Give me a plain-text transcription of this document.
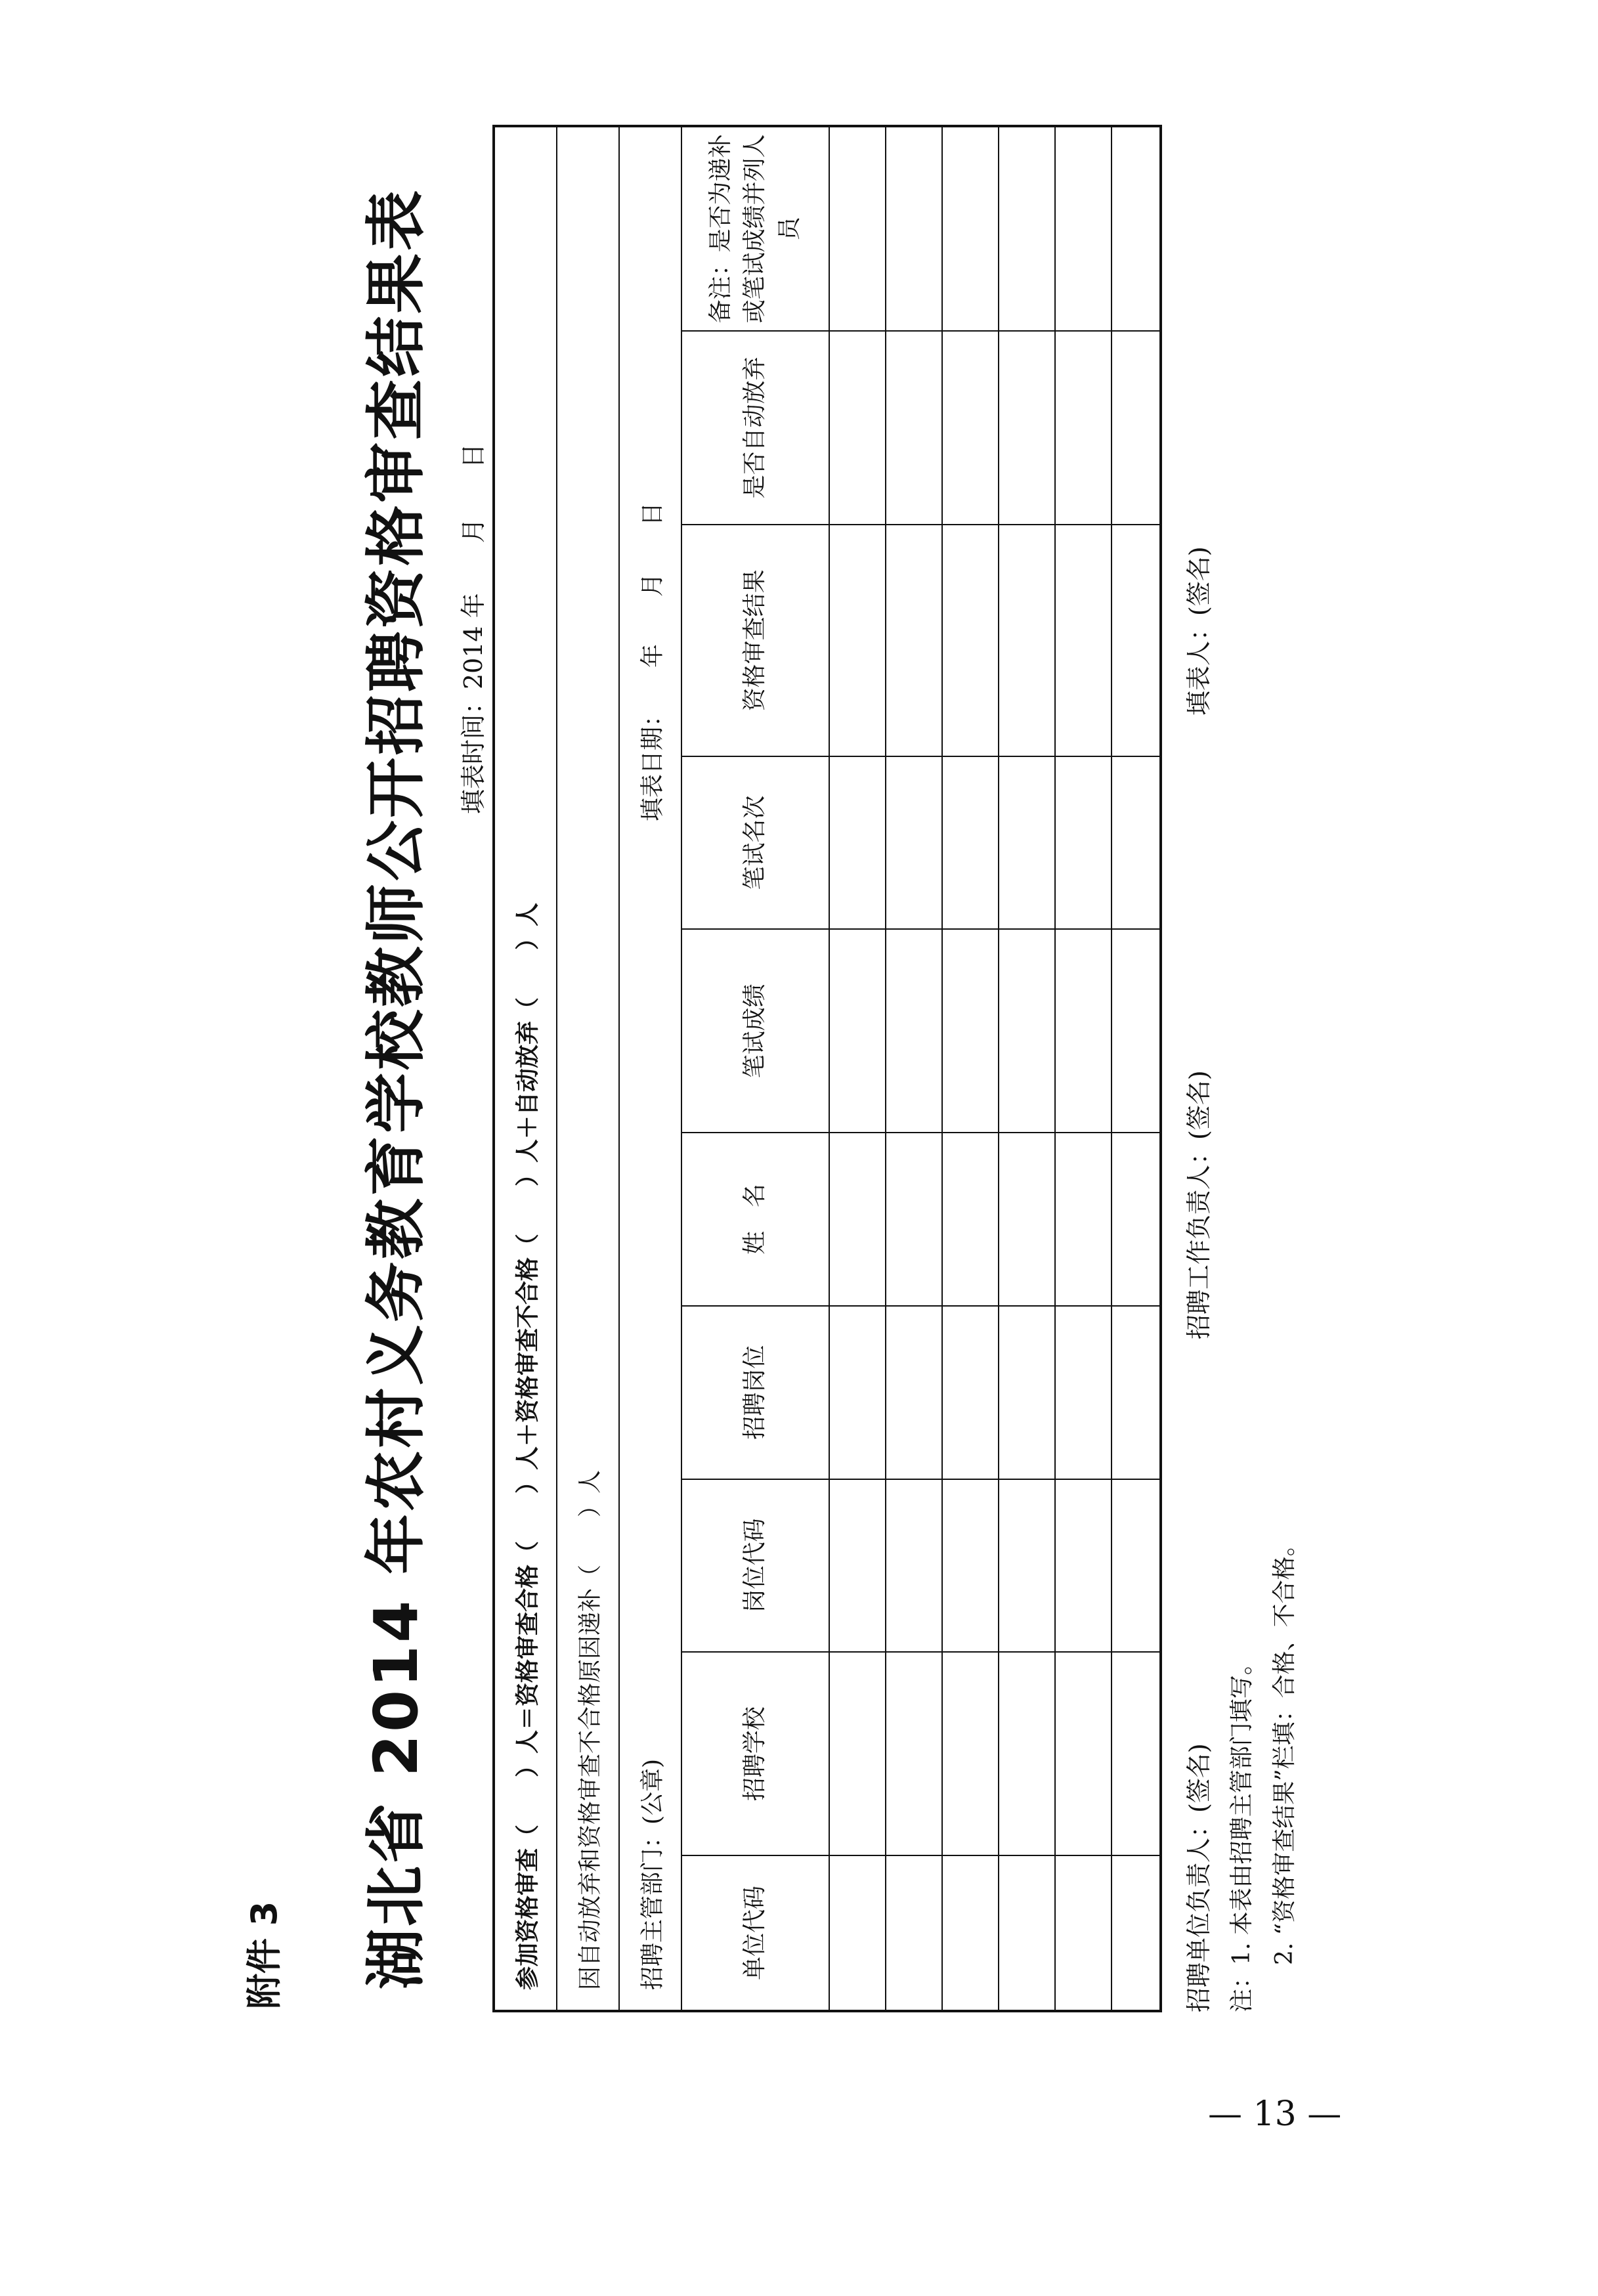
附件 3 湖北省 2014 年农村义务教育学校教师公开招聘资格审查结果表 填表时间：2014 年　　月　　日
参加资格审查（　　）人＝资格审查合格（　　）人＋资格审查不合格（　　）人＋自动放弃（　　）人 因自动放弃和资格审查不合格原因递补（　　）人 招聘主管部门：(公章)
填表日期：　　年　　月　　日
单位代码	招聘学校	岗位代码	招聘岗位	姓　名	笔试成绩	笔试名次	资格审查结果	是否自动放弃	备注：是否为递补或笔试成绩并列人员

招聘单位负责人：(签名)
招聘工作负责人：(签名)
填表人：(签名)
注：1. 本表由招聘主管部门填写。 　　2. “资格审查结果”栏填：合格、不合格。
— 13 —
